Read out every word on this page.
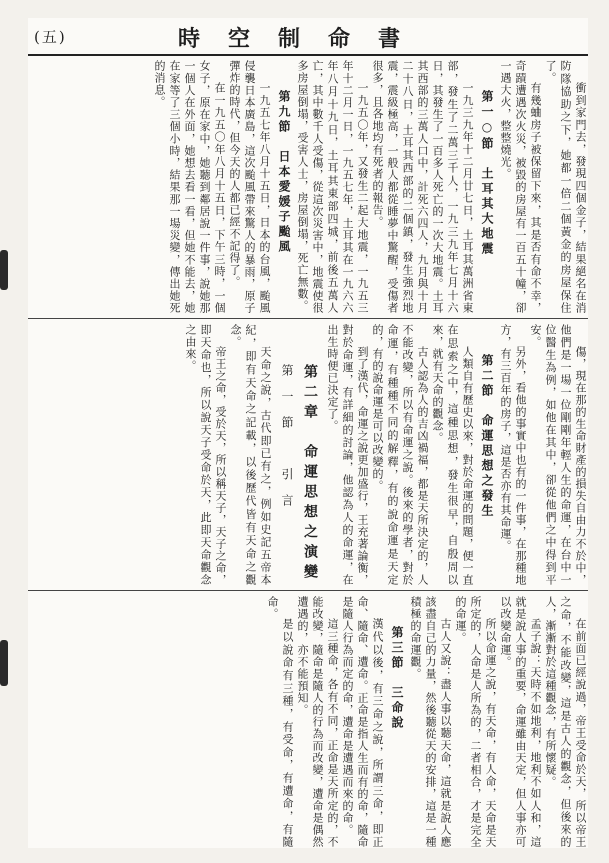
(五)	時空制命書

衝到家門去，發現四個金子，結果絕名在消防隊協助之下，她都一倍二個黃金的房屋保住了。

有幾蛐房子被保留下來，其是否有命不幸，奇蹟遭遇次火災，被毀的房屋有一百五十幢，卻一遇大火，整整燒光。

第一○節　土耳其大地震

一九三九年十二月廿七日，土耳其萬洲省東部，發生了二萬三千人，一九三九年七月十六日，其發生了一百多人死亡的一次大地震。土耳其西部的三萬人口中，計死六四人，九月與十月二十八日，土耳其西部的二個鎮，發生強烈地震，震級極高，一般人都從睡夢中驚醒，受傷者很多，且各地均有死者的報告。

一九五〇年，又發生二起大地震，一九五三年十二月一日，一九五七年，土耳其在一九六六年八月十九日，土耳其東部四城，前後五萬人亡，其中數千人受傷，從這次災害中，地震使很多房屋倒塌，受害人士，房屋倒塌，死亡無數。

第九節　日本愛媛子颱風

一九五七年八月十五日，日本的台風，颱風侵襲日本廣島，這次颱風帶來驚人的暴雨，原子彈炸的時代，但今天的人都已經不記得了。

在一九五〇年八月十五日，下午三時，一個女子，原在家中，她聽到鄰居說一件事，說她那一個人在外面，她想去看一看，但她不能去，她在家等了三個小時，結果那一場災變，傳出她死的消息。

傷，現在那的生命財產的損失自由力不於中，他們是一場一位剛剛年輕人生的命運，在台中一位醫生為例，如他在其中，卻從他們之中得到平安。

另外，看他的事實中也有的一件事，在那種地方，有三百年的房子，這是否亦有其命運。

第二節　命運思想之發生

人類自有歷史以來，對於命運的問題，便一直在思索之中，這種思想，發生很早，自殷周以來，就有天命的觀念。

古人認為人的吉凶禍福，都是天所決定的，人不能改變，所以有命運之說。後來的學者，對於命運，有種種不同的解釋，有的說命運是天定的，有的說命運是可以改變的。

到了漢代，命運之說更加盛行，王充著論衡，對於命運，有詳細的討論，他認為人的命運，在出生時便已決定了。

第二章　命運思想之演變
第一節　引言

天命之說，古代即已有之，例如史記五帝本紀，即有天命之記載，以後歷代皆有天命之觀念。

帝王之命，受於天，所以稱天子，天子之命，即天命也，所以說天子受命於天，此即天命觀念之由來。

在前面已經說過，帝王受命於天，所以帝王之命，不能改變，這是古人的觀念，但後來的人，漸漸對於這種觀念，有所懷疑。

孟子說：天時不如地利，地利不如人和，這就是說人事的重要，命運雖由天定，但人事亦可以改變命運。

所以命運之說，有天命，有人命，天命是天所定的，人命是人所為的，二者相合，才是完全的命運。

古人又說：盡人事以聽天命，這就是說人應該盡自己的力量，然後聽從天的安排，這是一種積極的命運觀。

第三節　三命說

漢代以後，有三命之說，所謂三命，即正命、隨命、遭命。正命是指人生而有的命，隨命是隨人行為而定的命，遭命是遭遇而來的命。

這三種命，各有不同，正命是天所定的，不能改變，隨命是隨人的行為而改變，遭命是偶然遭遇的，亦不能預知。

是以說命有三種，有受命，有遭命，有隨命。
